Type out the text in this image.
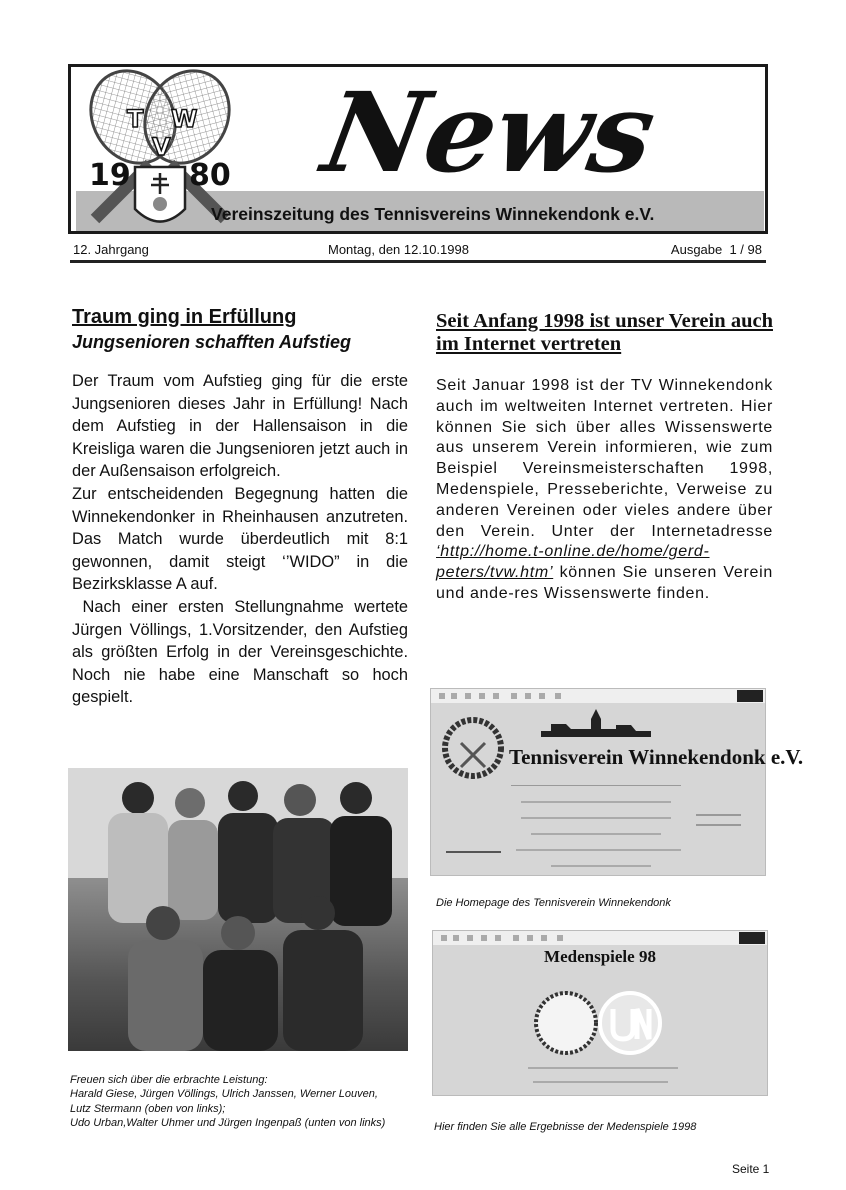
T
V
W
19 80 News
Vereinszeitung des Tennisvereins Winnekendonk e.V.
12. Jahrgang	Montag, den 12.10.1998	Ausgabe  1 / 98
Traum ging in Erfüllung
Jungsenioren schafften Aufstieg

Der Traum vom Aufstieg ging für die erste Jungsenioren dieses Jahr in Erfüllung! Nach dem Aufstieg in der Hallensaison in die Kreisliga waren die Jungsenioren jetzt auch in der Außensaison erfolgreich.

Zur entscheidenden Begegnung hatten die Winnekendonker in Rheinhausen anzutreten. Das Match wurde überdeutlich mit 8:1 gewonnen, damit steigt ‘’WIDO” in die Bezirksklasse A auf.

Nach einer ersten Stellungnahme wertete Jürgen Völlings, 1.Vorsitzender, den Aufstieg als größten Erfolg in der Vereinsgeschichte. Noch nie habe eine Manschaft so hoch gespielt.

Freuen sich über die erbrachte Leistung:
Harald Giese, Jürgen Völlings, Ulrich Janssen, Werner Louven,
Lutz Stermann (oben von links);
Udo Urban,Walter Uhmer und Jürgen Ingenpaß (unten von links)
Seit Anfang 1998 ist unser Verein auch im Internet vertreten
Seit Januar 1998 ist der TV Winnekendonk auch im weltweiten Internet vertreten. Hier können Sie sich über alles Wissenswerte aus unserem Verein informieren, wie zum Beispiel Vereinsmeisterschaften 1998, Medenspiele, Presseberichte, Verweise zu anderen Vereinen oder vieles andere über den Verein. Unter der Internetadresse ‘http://home.t-online.de/home/gerd-peters/tvw.htm’ können Sie unseren Verein und ande-res Wissenswerte finden.
Tennisverein Winnekendonk e.V.
Die Homepage des Tennisverein Winnekendonk
Medenspiele 98
Hier finden Sie alle Ergebnisse der Medenspiele 1998
Seite 1
